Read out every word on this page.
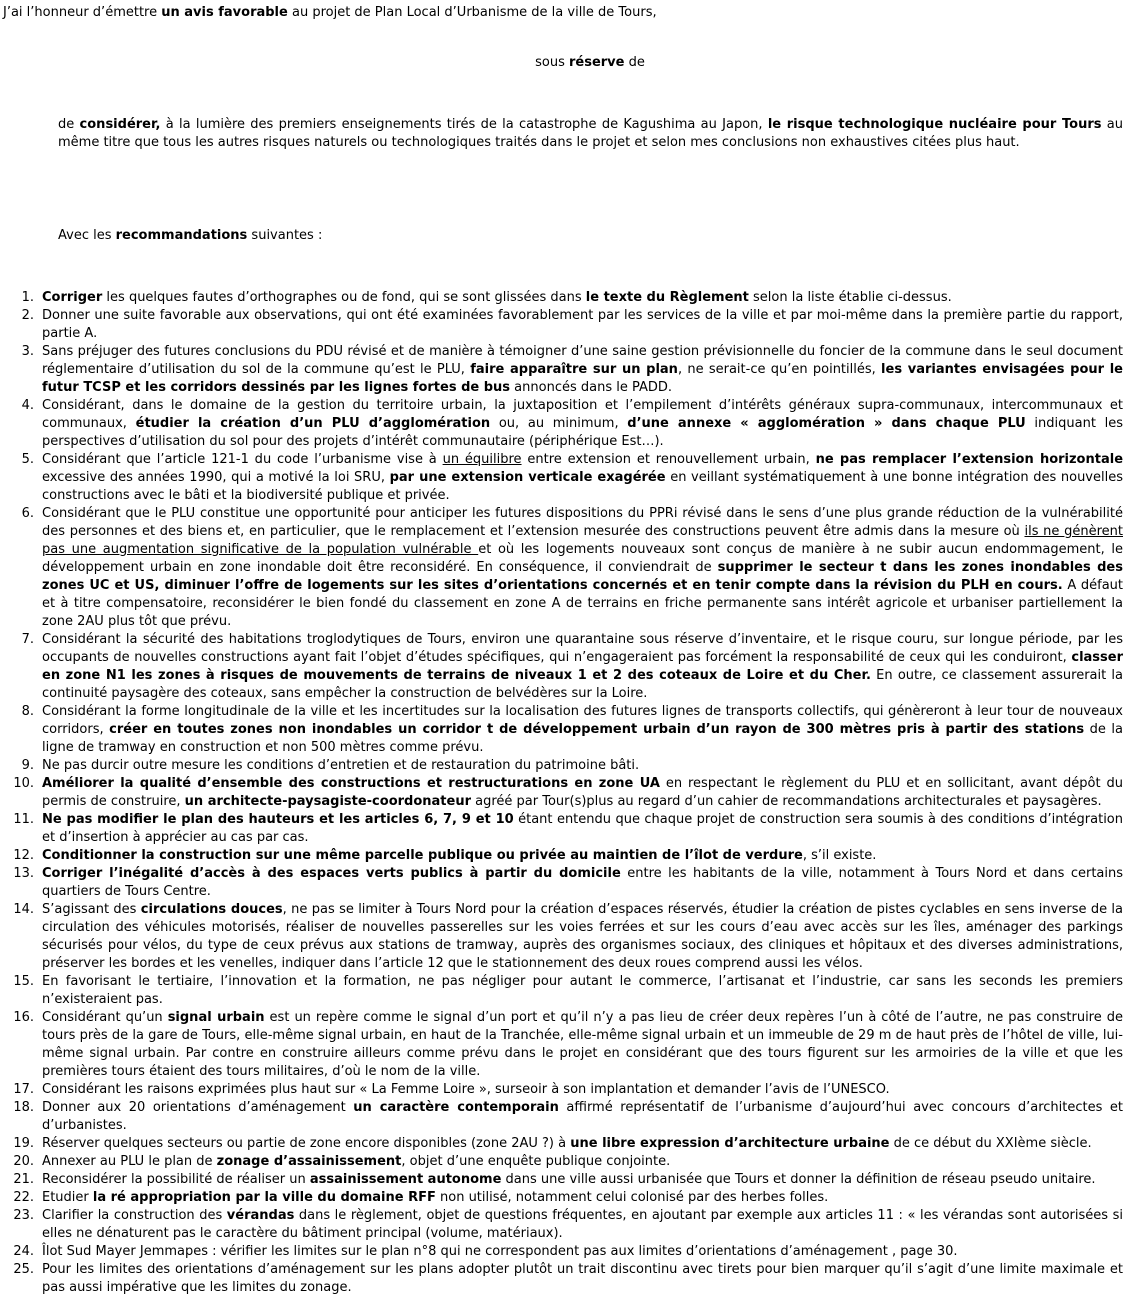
J’ai l’honneur d’émettre un avis favorable au projet de Plan Local d’Urbanisme de la ville de Tours,

sous réserve de

de considérer, à la lumière des premiers enseignements tirés de la catastrophe de Kagushima au Japon, le risque technologique nucléaire pour Tours au même titre que tous les autres risques naturels ou technologiques traités dans le projet et selon mes conclusions non exhaustives citées plus haut.

Avec les recommandations suivantes :

1. Corriger les quelques fautes d’orthographes ou de fond, qui se sont glissées dans le texte du Règlement selon la liste établie ci-dessus.
2. Donner une suite favorable aux observations, qui ont été examinées favorablement par les services de la ville et par moi-même dans la première partie du rapport, partie A.
3. Sans préjuger des futures conclusions du PDU révisé et de manière à témoigner d’une saine gestion prévisionnelle du foncier de la commune dans le seul document réglementaire d’utilisation du sol de la commune qu’est le PLU, faire apparaître sur un plan, ne serait-ce qu’en pointillés, les variantes envisagées pour le futur TCSP et les corridors dessinés par les lignes fortes de bus annoncés dans le PADD.
4. Considérant, dans le domaine de la gestion du territoire urbain, la juxtaposition et l’empilement d’intérêts généraux supra-communaux, intercommunaux et communaux, étudier la création d’un PLU d’agglomération ou, au minimum, d’une annexe « agglomération » dans chaque PLU indiquant les perspectives d’utilisation du sol pour des projets d’intérêt communautaire (périphérique Est…).
5. Considérant que l’article 121-1 du code l’urbanisme vise à un équilibre entre extension et renouvellement urbain, ne pas remplacer l’extension horizontale excessive des années 1990, qui a motivé la loi SRU, par une extension verticale exagérée en veillant systématiquement à une bonne intégration des nouvelles constructions avec le bâti et la biodiversité publique et privée.
6. Considérant que le PLU constitue une opportunité pour anticiper les futures dispositions du PPRi révisé dans le sens d’une plus grande réduction de la vulnérabilité des personnes et des biens et, en particulier, que le remplacement et l’extension mesurée des constructions peuvent être admis dans la mesure où ils ne génèrent pas une augmentation significative de la population vulnérable et où les logements nouveaux sont conçus de manière à ne subir aucun endommagement, le développement urbain en zone inondable doit être reconsidéré. En conséquence, il conviendrait de supprimer le secteur t dans les zones inondables des zones UC et US, diminuer l’offre de logements sur les sites d’orientations concernés et en tenir compte dans la révision du PLH en cours. A défaut et à titre compensatoire, reconsidérer le bien fondé du classement en zone A de terrains en friche permanente sans intérêt agricole et urbaniser partiellement la zone 2AU plus tôt que prévu.
7. Considérant la sécurité des habitations troglodytiques de Tours, environ une quarantaine sous réserve d’inventaire, et le risque couru, sur longue période, par les occupants de nouvelles constructions ayant fait l’objet d’études spécifiques, qui n’engageraient pas forcément la responsabilité de ceux qui les conduiront, classer en zone N1 les zones à risques de mouvements de terrains de niveaux 1 et 2 des coteaux de Loire et du Cher. En outre, ce classement assurerait la continuité paysagère des coteaux, sans empêcher la construction de belvédères sur la Loire.
8. Considérant la forme longitudinale de la ville et les incertitudes sur la localisation des futures lignes de transports collectifs, qui génèreront à leur tour de nouveaux corridors, créer en toutes zones non inondables un corridor t de développement urbain d’un rayon de 300 mètres pris à partir des stations de la ligne de tramway en construction et non 500 mètres comme prévu.
9. Ne pas durcir outre mesure les conditions d’entretien et de restauration du patrimoine bâti.
10. Améliorer la qualité d’ensemble des constructions et restructurations en zone UA en respectant le règlement du PLU et en sollicitant, avant dépôt du permis de construire, un architecte-paysagiste-coordonateur agréé par Tour(s)plus au regard d’un cahier de recommandations architecturales et paysagères.
11. Ne pas modifier le plan des hauteurs et les articles 6, 7, 9 et 10 étant entendu que chaque projet de construction sera soumis à des conditions d’intégration et d’insertion à apprécier au cas par cas.
12. Conditionner la construction sur une même parcelle publique ou privée au maintien de l’îlot de verdure, s’il existe.
13. Corriger l’inégalité d’accès à des espaces verts publics à partir du domicile entre les habitants de la ville, notamment à Tours Nord et dans certains quartiers de Tours Centre.
14. S’agissant des circulations douces, ne pas se limiter à Tours Nord pour la création d’espaces réservés, étudier la création de pistes cyclables en sens inverse de la circulation des véhicules motorisés, réaliser de nouvelles passerelles sur les voies ferrées et sur les cours d’eau avec accès sur les îles, aménager des parkings sécurisés pour vélos, du type de ceux prévus aux stations de tramway, auprès des organismes sociaux, des cliniques et hôpitaux et des diverses administrations, préserver les bordes et les venelles, indiquer dans l’article 12 que le stationnement des deux roues comprend aussi les vélos.
15. En favorisant le tertiaire, l’innovation et la formation, ne pas négliger pour autant le commerce, l’artisanat et l’industrie, car sans les seconds les premiers n’existeraient pas.
16. Considérant qu’un signal urbain est un repère comme le signal d’un port et qu’il n’y a pas lieu de créer deux repères l’un à côté de l’autre, ne pas construire de tours près de la gare de Tours, elle-même signal urbain, en haut de la Tranchée, elle-même signal urbain et un immeuble de 29 m de haut près de l’hôtel de ville, lui-même signal urbain. Par contre en construire ailleurs comme prévu dans le projet en considérant que des tours figurent sur les armoiries de la ville et que les premières tours étaient des tours militaires, d’où le nom de la ville.
17. Considérant les raisons exprimées plus haut sur « La Femme Loire », surseoir à son implantation et demander l’avis de l’UNESCO.
18. Donner aux 20 orientations d’aménagement un caractère contemporain affirmé représentatif de l’urbanisme d’aujourd’hui avec concours d’architectes et d’urbanistes.
19. Réserver quelques secteurs ou partie de zone encore disponibles (zone 2AU ?) à une libre expression d’architecture urbaine de ce début du XXIème siècle.
20. Annexer au PLU le plan de zonage d’assainissement, objet d’une enquête publique conjointe.
21. Reconsidérer la possibilité de réaliser un assainissement autonome dans une ville aussi urbanisée que Tours et donner la définition de réseau pseudo unitaire.
22. Etudier la ré appropriation par la ville du domaine RFF non utilisé, notamment celui colonisé par des herbes folles.
23. Clarifier la construction des vérandas dans le règlement, objet de questions fréquentes, en ajoutant par exemple aux articles 11 : « les vérandas sont autorisées si elles ne dénaturent pas le caractère du bâtiment principal (volume, matériaux).
24. Îlot Sud Mayer Jemmapes : vérifier les limites sur le plan n°8 qui ne correspondent pas aux limites d’orientations d’aménagement , page 30.
25. Pour les limites des orientations d’aménagement sur les plans adopter plutôt un trait discontinu avec tirets pour bien marquer qu’il s’agit d’une limite maximale et pas aussi impérative que les limites du zonage.
